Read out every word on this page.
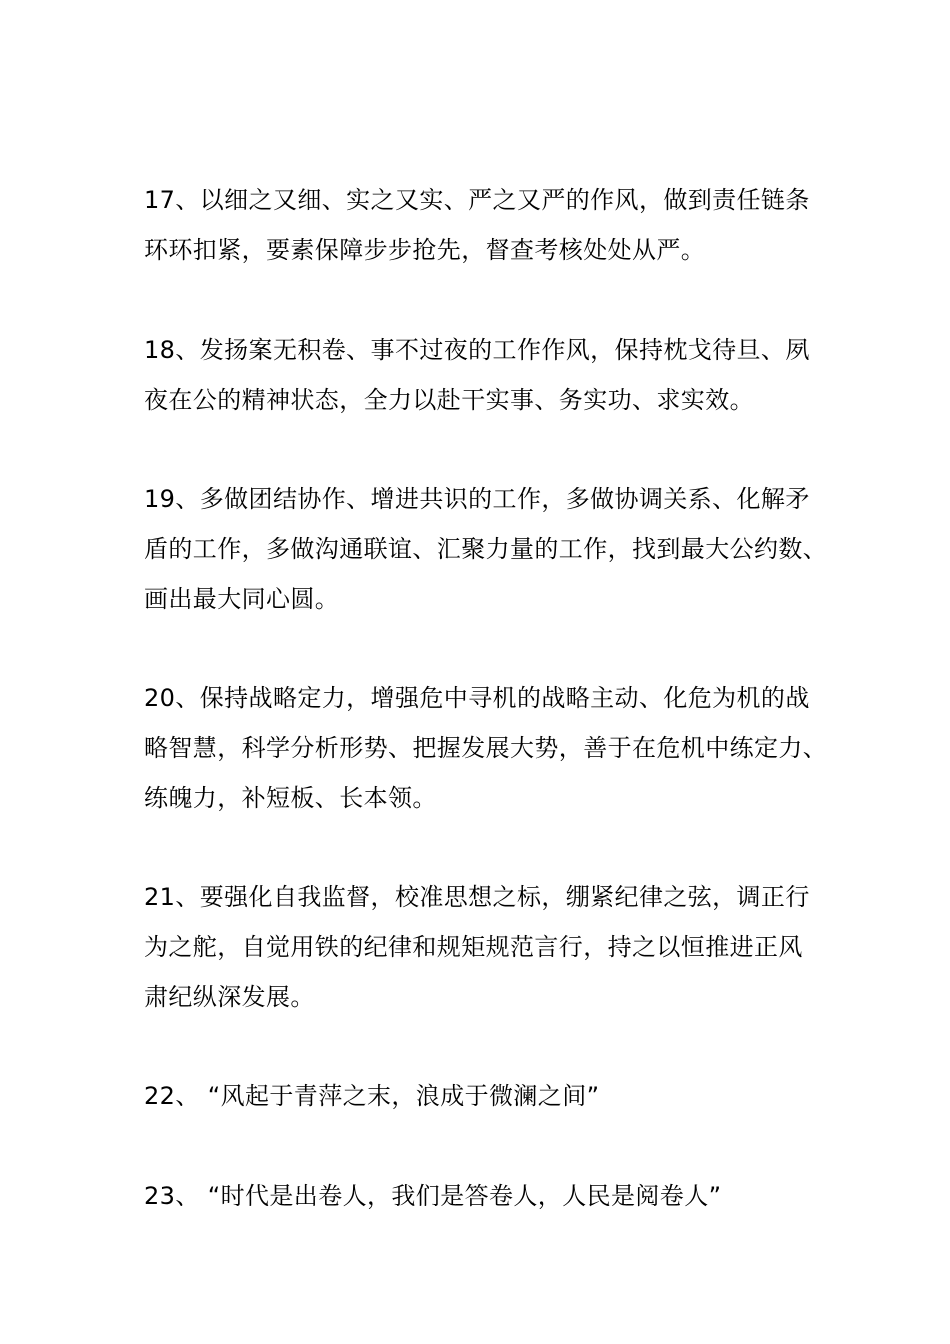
17、以细之又细、实之又实、严之又严的作风，做到责任链条
环环扣紧，要素保障步步抢先，督查考核处处从严。

18、发扬案无积卷、事不过夜的工作作风，保持枕戈待旦、夙
夜在公的精神状态，全力以赴干实事、务实功、求实效。

19、多做团结协作、增进共识的工作，多做协调关系、化解矛
盾的工作，多做沟通联谊、汇聚力量的工作，找到最大公约数、
画出最大同心圆。

20、保持战略定力，增强危中寻机的战略主动、化危为机的战
略智慧，科学分析形势、把握发展大势，善于在危机中练定力、
练魄力，补短板、长本领。

21、要强化自我监督，校准思想之标，绷紧纪律之弦，调正行
为之舵，自觉用铁的纪律和规矩规范言行，持之以恒推进正风
肃纪纵深发展。

22、 “风起于青萍之末，浪成于微澜之间”

23、 “时代是出卷人，我们是答卷人，人民是阅卷人”
